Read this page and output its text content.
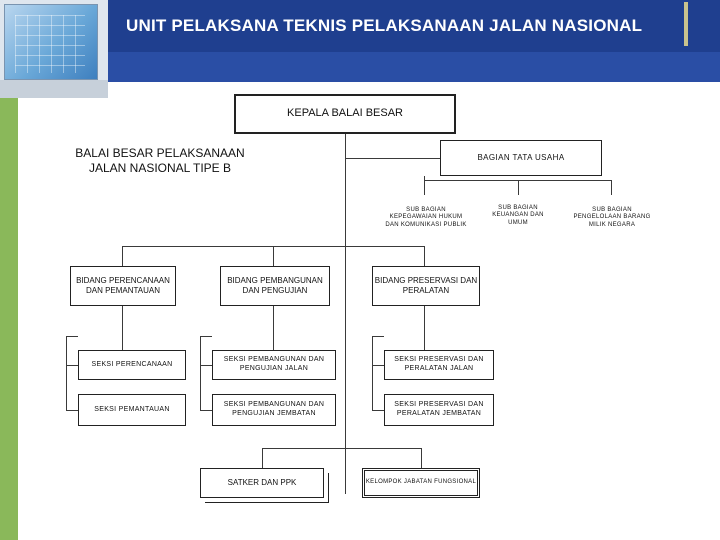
UNIT PELAKSANA TEKNIS PELAKSANAAN JALAN NASIONAL
KEPALA BALAI BESAR
BALAI BESAR PELAKSANAAN
JALAN NASIONAL TIPE B
BAGIAN TATA USAHA
SUB BAGIAN KEPEGAWAIAN HUKUM DAN KOMUNIKASI PUBLIK
SUB BAGIAN KEUANGAN DAN UMUM
SUB BAGIAN PENGELOLAAN BARANG MILIK NEGARA
BIDANG PERENCANAAN DAN PEMANTAUAN
BIDANG PEMBANGUNAN DAN PENGUJIAN
BIDANG PRESERVASI DAN PERALATAN
SEKSI PERENCANAAN
SEKSI PEMANTAUAN
SEKSI PEMBANGUNAN DAN PENGUJIAN JALAN
SEKSI PEMBANGUNAN DAN PENGUJIAN JEMBATAN
SEKSI PRESERVASI DAN PERALATAN JALAN
SEKSI PRESERVASI DAN PERALATAN JEMBATAN
SATKER DAN PPK	KELOMPOK JABATAN FUNGSIONAL
